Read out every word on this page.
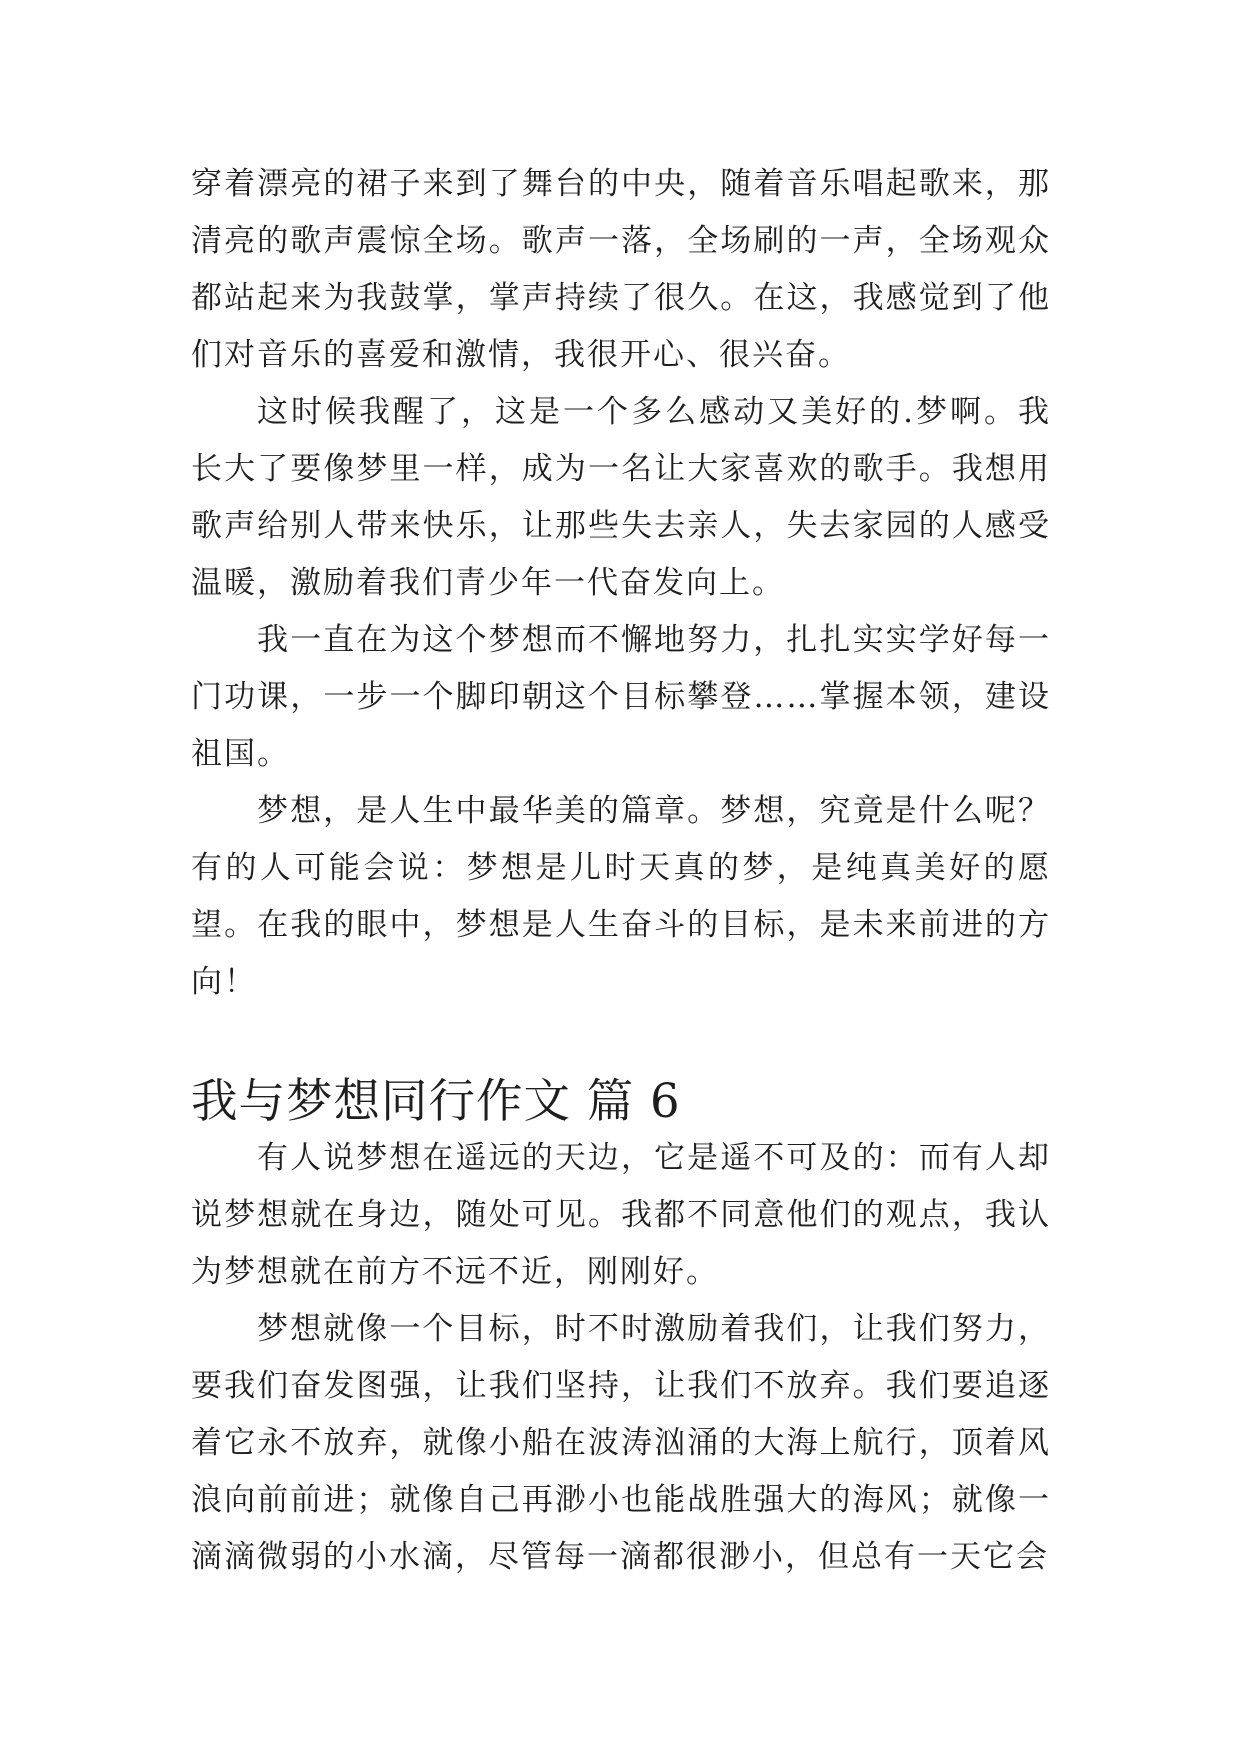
穿着漂亮的裙子来到了舞台的中央，随着音乐唱起歌来，那清亮的歌声震惊全场。歌声一落，全场刷的一声，全场观众都站起来为我鼓掌，掌声持续了很久。在这，我感觉到了他们对音乐的喜爱和激情，我很开心、很兴奋。

这时候我醒了，这是一个多么感动又美好的.梦啊。我长大了要像梦里一样，成为一名让大家喜欢的歌手。我想用歌声给别人带来快乐，让那些失去亲人，失去家园的人感受温暖，激励着我们青少年一代奋发向上。

我一直在为这个梦想而不懈地努力，扎扎实实学好每一门功课，一步一个脚印朝这个目标攀登……掌握本领，建设祖国。

梦想，是人生中最华美的篇章。梦想，究竟是什么呢？有的人可能会说：梦想是儿时天真的梦，是纯真美好的愿望。在我的眼中，梦想是人生奋斗的目标，是未来前进的方向！

我与梦想同行作文 篇 6

有人说梦想在遥远的天边，它是遥不可及的：而有人却说梦想就在身边，随处可见。我都不同意他们的观点，我认为梦想就在前方不远不近，刚刚好。

梦想就像一个目标，时不时激励着我们，让我们努力，要我们奋发图强，让我们坚持，让我们不放弃。我们要追逐着它永不放弃，就像小船在波涛汹涌的大海上航行，顶着风浪向前前进；就像自己再渺小也能战胜强大的海风；就像一滴滴微弱的小水滴，尽管每一滴都很渺小，但总有一天它会
